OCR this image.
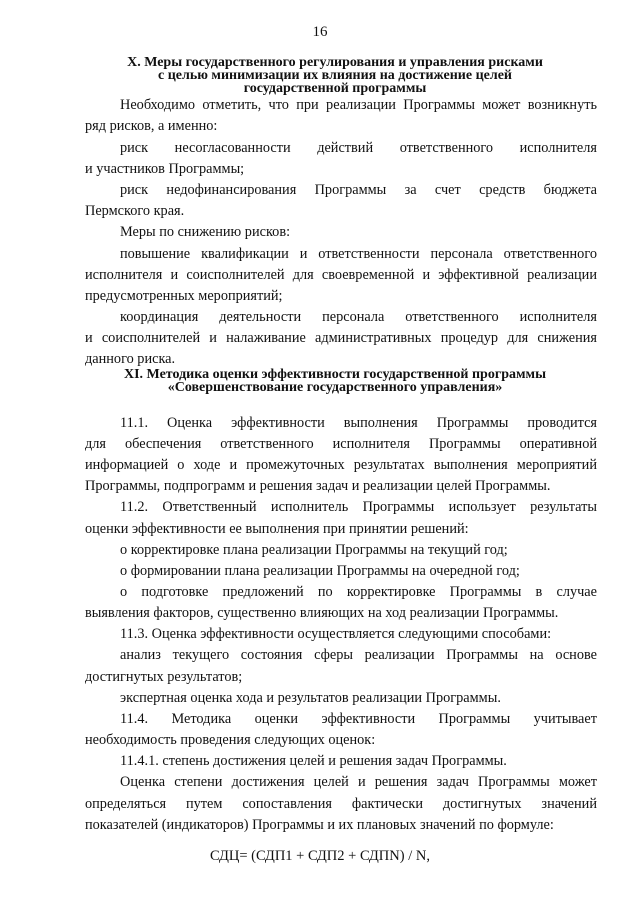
16
X. Меры государственного регулирования и управления рисками
с целью минимизации их влияния на достижение целей
государственной программы
Необходимо отметить, что при реализации Программы может возникнуть
ряд рисков, а именно:
риск несогласованности действий ответственного исполнителя
и участников Программы;
риск недофинансирования Программы за счет средств бюджета
Пермского края.
Меры по снижению рисков:
повышение квалификации и ответственности персонала ответственного
исполнителя и соисполнителей для своевременной и эффективной реализации
предусмотренных мероприятий;
координация деятельности персонала ответственного исполнителя
и соисполнителей и налаживание административных процедур для снижения
данного риска.
XI. Методика оценки эффективности государственной программы
«Совершенствование государственного управления»
11.1. Оценка эффективности выполнения Программы проводится
для обеспечения ответственного исполнителя Программы оперативной
информацией о ходе и промежуточных результатах выполнения мероприятий
Программы, подпрограмм и решения задач и реализации целей Программы.
11.2. Ответственный исполнитель Программы использует результаты
оценки эффективности ее выполнения при принятии решений:
о корректировке плана реализации Программы на текущий год;
о формировании плана реализации Программы на очередной год;
о подготовке предложений по корректировке Программы в случае
выявления факторов, существенно влияющих на ход реализации Программы.
11.3. Оценка эффективности осуществляется следующими способами:
анализ текущего состояния сферы реализации Программы на основе
достигнутых результатов;
экспертная оценка хода и результатов реализации Программы.
11.4. Методика оценки эффективности Программы учитывает
необходимость проведения следующих оценок:
11.4.1. степень достижения целей и решения задач Программы.
Оценка степени достижения целей и решения задач Программы может
определяться путем сопоставления фактически достигнутых значений
показателей (индикаторов) Программы и их плановых значений по формуле:
СДЦ= (СДП1 + СДП2 + СДПN) / N,
